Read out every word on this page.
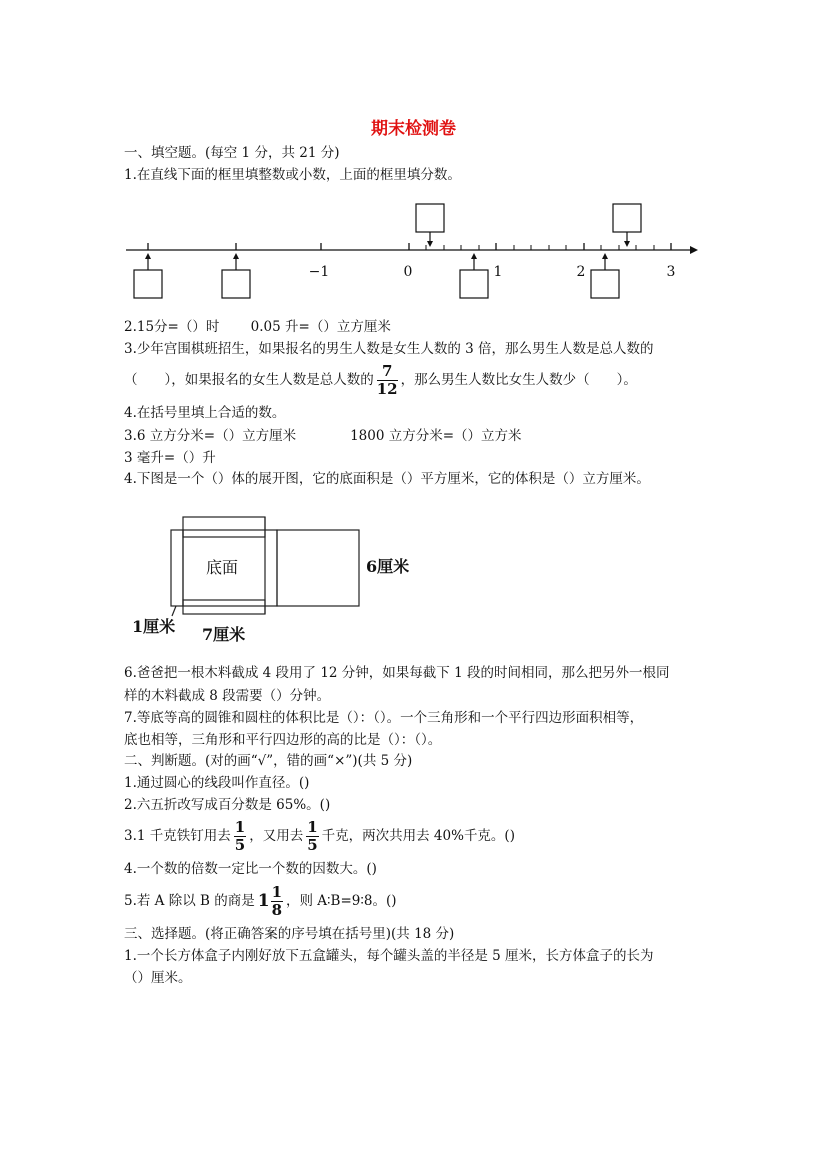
期末检测卷
一、填空题。(每空 1 分，共 21 分)
1.在直线下面的框里填整数或小数，上面的框里填分数。
−1	0	1	2	3
2.15分=（）时　　 0.05 升=（）立方厘米
3.少年宫围棋班招生，如果报名的男生人数是女生人数的 3 倍，那么男生人数是总人数的
（　　），如果报名的女生人数是总人数的 $\frac{7}{12}$ ，那么男生人数比女生人数少（　　）。
4.在括号里填上合适的数。
3.6 立方分米=（）立方厘米　　　　1800 立方分米=（）立方米
3 毫升=（）升
4.下图是一个（）体的展开图，它的底面积是（）平方厘米，它的体积是（）立方厘米。
底面	6厘米
1厘米 7厘米
6.爸爸把一根木料截成 4 段用了 12 分钟，如果每截下 1 段的时间相同，那么把另外一根同
样的木料截成 8 段需要（）分钟。
7.等底等高的圆锥和圆柱的体积比是（）：（）。一个三角形和一个平行四边形面积相等，
底也相等，三角形和平行四边形的高的比是（）：（）。
二、判断题。(对的画“√”，错的画“×”)(共 5 分)
1.通过圆心的线段叫作直径。()
2.六五折改写成百分数是 65%。()
3.1 千克铁钉用去 $\frac{1}{5}$ ，又用去 $\frac{1}{5}$ 千克，两次共用去 40%千克。()
4.一个数的倍数一定比一个数的因数大。()
5.若 A 除以 B 的商是 $1 \frac{1}{8}$ ，则 A∶B=9∶8。()
三、选择题。(将正确答案的序号填在括号里)(共 18 分)
1.一个长方体盒子内刚好放下五盒罐头，每个罐头盖的半径是 5 厘米，长方体盒子的长为
（）厘米。
